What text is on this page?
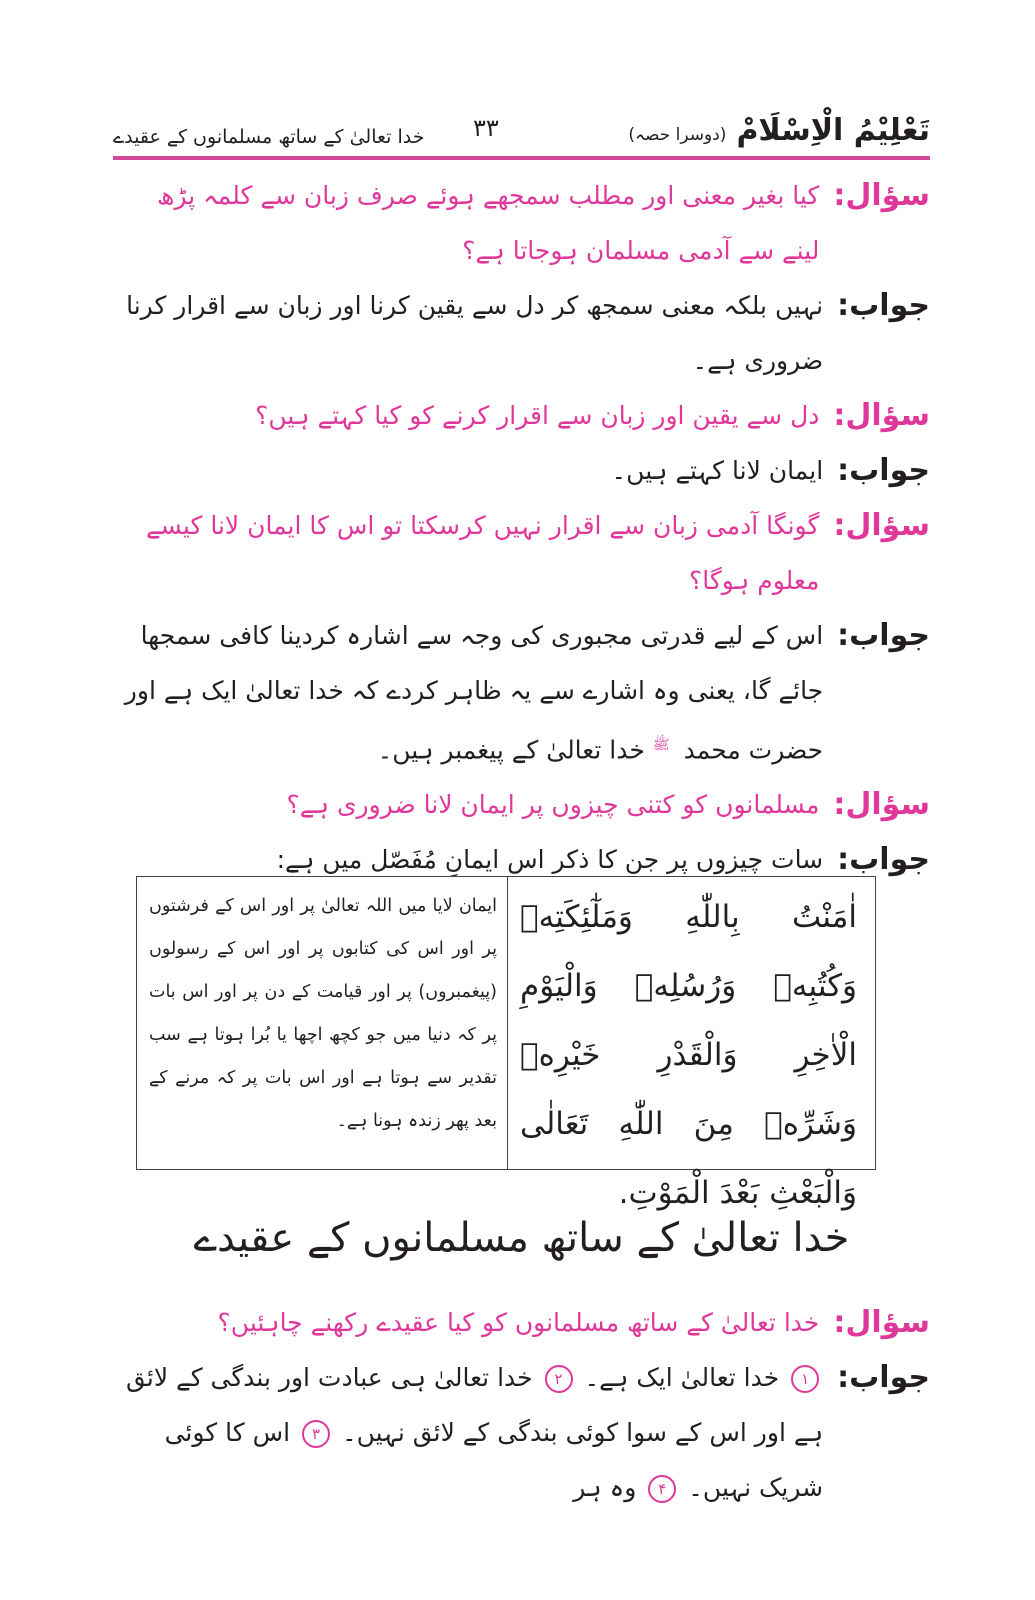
تَعْلِیْمُ الْاِسْلَامْ
(دوسرا حصہ)
۳۳
خدا تعالیٰ کے ساتھ مسلمانوں کے عقیدے
سؤال:
کیا بغیر معنی اور مطلب سمجھے ہوئے صرف زبان سے کلمہ پڑھ لینے سے آدمی مسلمان ہوجاتا ہے؟
جواب:
نہیں بلکہ معنی سمجھ کر دل سے یقین کرنا اور زبان سے اقرار کرنا ضروری ہے۔
سؤال:
دل سے یقین اور زبان سے اقرار کرنے کو کیا کہتے ہیں؟
جواب:
ایمان لانا کہتے ہیں۔
سؤال:
گونگا آدمی زبان سے اقرار نہیں کرسکتا تو اس کا ایمان لانا کیسے معلوم ہوگا؟
جواب:
اس کے لیے قدرتی مجبوری کی وجہ سے اشارہ کردینا کافی سمجھا جائے گا، یعنی وہ اشارے سے یہ ظاہر کردے کہ خدا تعالیٰ ایک ہے اور حضرت محمد $^ﷺ$ خدا تعالیٰ کے پیغمبر ہیں۔
سؤال:
مسلمانوں کو کتنی چیزوں پر ایمان لانا ضروری ہے؟
جواب:
سات چیزوں پر جن کا ذکر اس ایمانِ مُفَصّل میں ہے:
اٰمَنْتُ بِاللّٰهِ وَمَلٰٓئِكَتِهٖ وَكُتُبِهٖ وَرُسُلِهٖ وَالْيَوْمِ الْاٰخِرِ وَالْقَدْرِ خَيْرِهٖ وَشَرِّهٖ مِنَ اللّٰهِ تَعَالٰى وَالْبَعْثِ بَعْدَ الْمَوْتِ.
ایمان لایا میں اللہ تعالیٰ پر اور اس کے فرشتوں پر اور اس کی کتابوں پر اور اس کے رسولوں (پیغمبروں) پر اور قیامت کے دن پر اور اس بات پر کہ دنیا میں جو کچھ اچھا یا بُرا ہوتا ہے سب تقدیر سے ہوتا ہے اور اس بات پر کہ مرنے کے بعد پھر زندہ ہونا ہے۔
خدا تعالیٰ کے ساتھ مسلمانوں کے عقیدے
سؤال:
خدا تعالیٰ کے ساتھ مسلمانوں کو کیا عقیدے رکھنے چاہئیں؟
جواب:
۱ خدا تعالیٰ ایک ہے۔ ۲ خدا تعالیٰ ہی عبادت اور بندگی کے لائق ہے اور اس کے سوا کوئی بندگی کے لائق نہیں۔ ۳ اس کا کوئی شریک نہیں۔ ۴ وہ ہر
